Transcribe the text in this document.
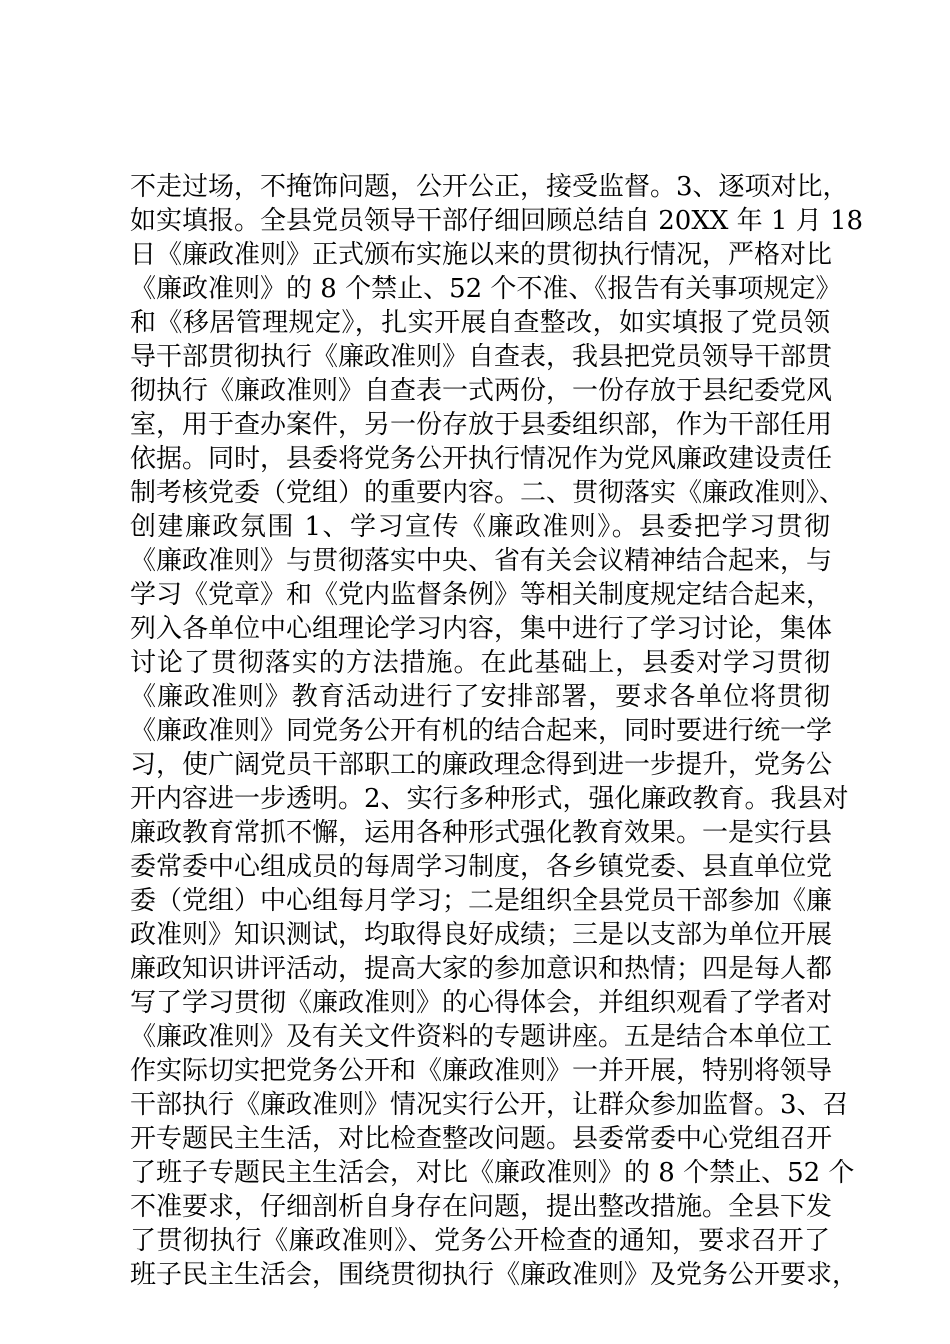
不走过场，不掩饰问题，公开公正，接受监督。3、逐项对比，
如实填报。全县党员领导干部仔细回顾总结自 20XX 年 1 月 18
日《廉政准则》正式颁布实施以来的贯彻执行情况，严格对比
《廉政准则》的 8 个禁止、52 个不准、《报告有关事项规定》
和《移居管理规定》，扎实开展自查整改，如实填报了党员领
导干部贯彻执行《廉政准则》自查表，我县把党员领导干部贯
彻执行《廉政准则》自查表一式两份，一份存放于县纪委党风
室，用于查办案件，另一份存放于县委组织部，作为干部任用
依据。同时，县委将党务公开执行情况作为党风廉政建设责任
制考核党委（党组）的重要内容。二、贯彻落实《廉政准则》、
创建廉政氛围 1、学习宣传《廉政准则》。县委把学习贯彻
《廉政准则》与贯彻落实中央、省有关会议精神结合起来，与
学习《党章》和《党内监督条例》等相关制度规定结合起来，
列入各单位中心组理论学习内容，集中进行了学习讨论，集体
讨论了贯彻落实的方法措施。在此基础上，县委对学习贯彻
《廉政准则》教育活动进行了安排部署，要求各单位将贯彻
《廉政准则》同党务公开有机的结合起来，同时要进行统一学
习，使广阔党员干部职工的廉政理念得到进一步提升，党务公
开内容进一步透明。2、实行多种形式，强化廉政教育。我县对
廉政教育常抓不懈，运用各种形式强化教育效果。一是实行县
委常委中心组成员的每周学习制度，各乡镇党委、县直单位党
委（党组）中心组每月学习；二是组织全县党员干部参加《廉
政准则》知识测试，均取得良好成绩；三是以支部为单位开展
廉政知识讲评活动，提高大家的参加意识和热情；四是每人都
写了学习贯彻《廉政准则》的心得体会，并组织观看了学者对
《廉政准则》及有关文件资料的专题讲座。五是结合本单位工
作实际切实把党务公开和《廉政准则》一并开展，特别将领导
干部执行《廉政准则》情况实行公开，让群众参加监督。3、召
开专题民主生活，对比检查整改问题。县委常委中心党组召开
了班子专题民主生活会，对比《廉政准则》的 8 个禁止、52 个
不准要求，仔细剖析自身存在问题，提出整改措施。全县下发
了贯彻执行《廉政准则》、党务公开检查的通知，要求召开了
班子民主生活会，围绕贯彻执行《廉政准则》及党务公开要求，
